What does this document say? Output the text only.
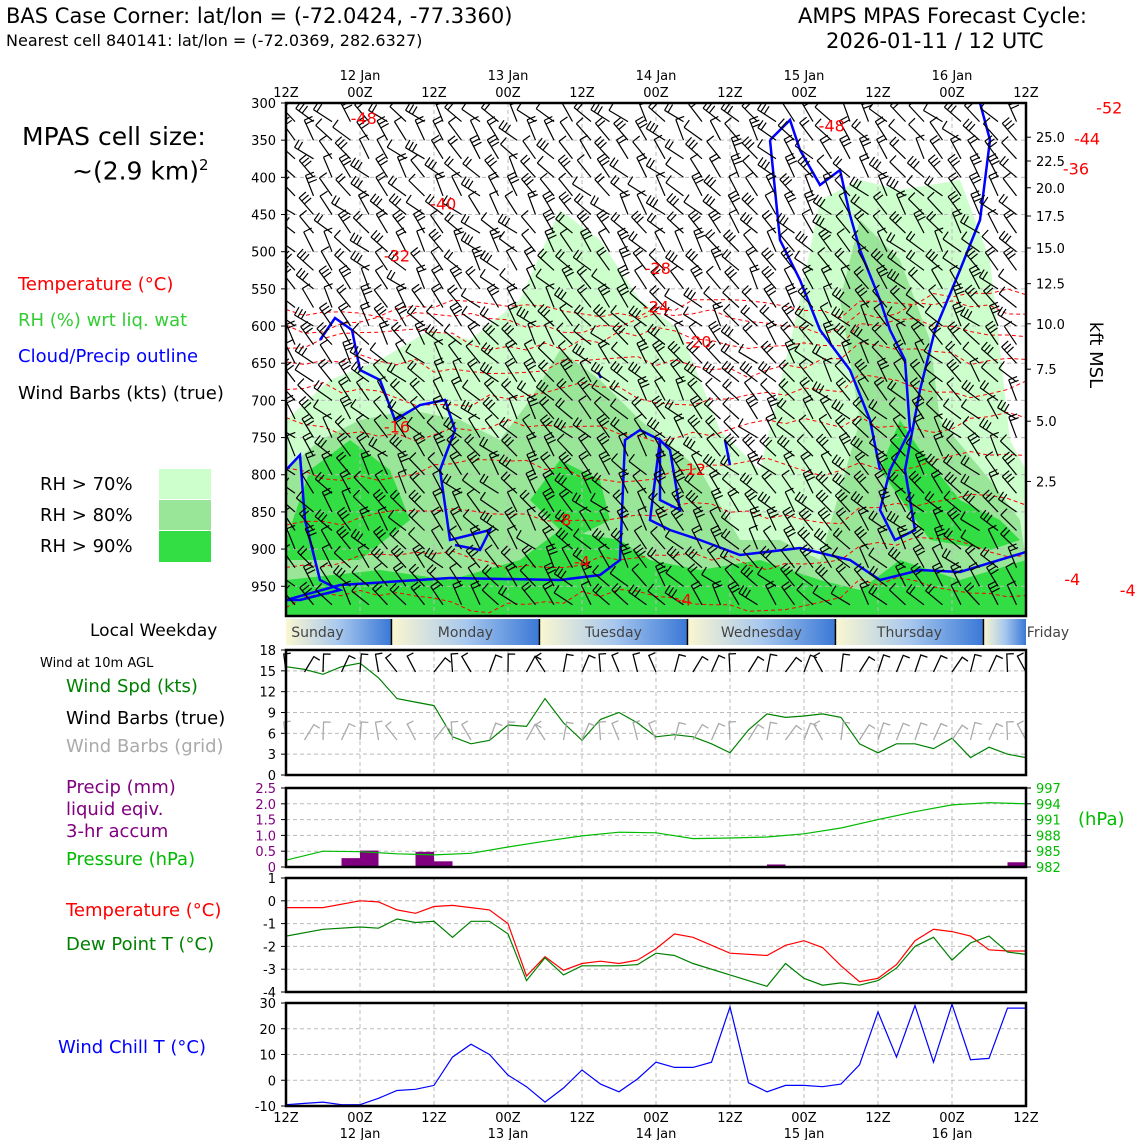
BAS Case Corner: lat/lon = (-72.0424, -77.3360)
Nearest cell 840141: lat/lon = (-72.0369, 282.6327)
AMPS MPAS Forecast Cycle:
2026-01-11 / 12 UTC
MPAS cell size:
~(2.9 km)$^2$
Temperature (°C)
RH (%) wrt liq. wat
Cloud/Precip outline
Wind Barbs (kts) (true)
RH > 70%
RH > 80%
RH > 90%
Local Weekday
Wind at 10m AGL
Wind Spd (kts)
Wind Barbs (true)
Wind Barbs (grid)
Precip (mm)
liquid eqiv.
3-hr accum
Pressure (hPa)
(hPa)
Temperature (°C)
Dew Point T (°C)
Wind Chill T (°C)
-48	-48
-52
-44
-36
-40
-32
-28
-24
-20
-16
-12
-8
-4
-4
-4
-4
300
350
400
450
500
550
600
650
700
750
800
850
900
950
25.0
22.5
20.0
17.5
15.0
12.5
10.0
7.5
5.0
2.5
Sunday	Monday	Tuesday	Wednesday	Thursday	Friday
0
3
6
9
12
15
18
0
0.5
1.0
1.5
2.0
2.5
982
985
988
991
994
997
1
0
-1
-2
-3
-4
-10
0
10
20
30
12Z
12Z
00Z
00Z
12Z
12Z
00Z
00Z
12Z
12Z
00Z
00Z
12Z
12Z
00Z
00Z
12Z
12Z
00Z
00Z
12Z
12Z
12 Jan
12 Jan
13 Jan
13 Jan
14 Jan
14 Jan
15 Jan
15 Jan
16 Jan
16 Jan
kft MSL
